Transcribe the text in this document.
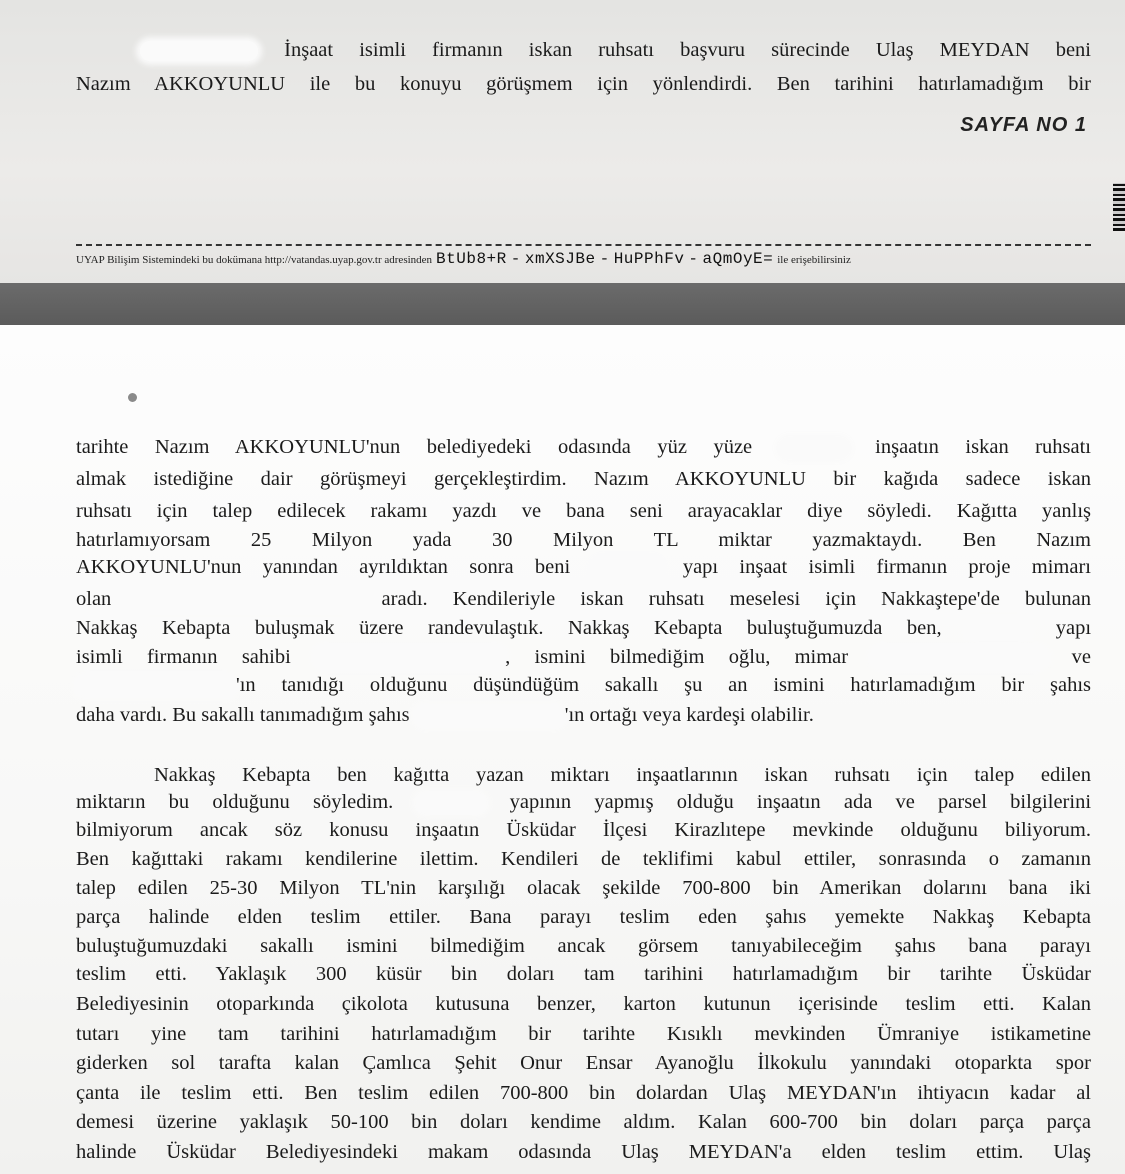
İnşaat isimli firmanın iskan ruhsatı başvuru sürecinde Ulaş MEYDAN beni
Nazım AKKOYUNLU ile bu konuyu görüşmem için yönlendirdi. Ben tarihini hatırlamadığım bir
SAYFA NO 1
UYAP Bilişim Sistemindeki bu dokümana http://vatandas.uyap.gov.tr adresinden BtUb8+R - xmXSJBe - HuPPhFv - aQmOyE= ile erişebilirsiniz
tarihte Nazım AKKOYUNLU'nun belediyedeki odasında yüz yüze	inşaatın iskan ruhsatı
almak istediğine dair görüşmeyi gerçekleştirdim. Nazım AKKOYUNLU bir kağıda sadece iskan
ruhsatı için talep edilecek rakamı yazdı ve bana seni arayacaklar diye söyledi. Kağıtta yanlış
hatırlamıyorsam 25 Milyon yada 30 Milyon TL miktar yazmaktaydı. Ben Nazım
AKKOYUNLU'nun yanından ayrıldıktan sonra beni	yapı inşaat isimli firmanın proje mimarı
olan	aradı. Kendileriyle iskan ruhsatı meselesi için Nakkaştepe'de bulunan
Nakkaş Kebapta buluşmak üzere randevulaştık. Nakkaş Kebapta buluştuğumuzda ben,	yapı
isimli firmanın sahibi	, ismini bilmediğim oğlu, mimar	ve
'ın tanıdığı olduğunu düşündüğüm sakallı şu an ismini hatırlamadığım bir şahıs
daha vardı. Bu sakallı tanımadığım şahıs	'ın ortağı veya kardeşi olabilir.
Nakkaş Kebapta ben kağıtta yazan miktarı inşaatlarının iskan ruhsatı için talep edilen
miktarın bu olduğunu söyledim.	yapının yapmış olduğu inşaatın ada ve parsel bilgilerini
bilmiyorum ancak söz konusu inşaatın Üsküdar İlçesi Kirazlıtepe mevkinde olduğunu biliyorum.
Ben kağıttaki rakamı kendilerine ilettim. Kendileri de teklifimi kabul ettiler, sonrasında o zamanın
talep edilen 25-30 Milyon TL'nin karşılığı olacak şekilde 700-800 bin Amerikan dolarını bana iki
parça halinde elden teslim ettiler. Bana parayı teslim eden şahıs yemekte Nakkaş Kebapta
buluştuğumuzdaki sakallı ismini bilmediğim ancak görsem tanıyabileceğim şahıs bana parayı
teslim etti. Yaklaşık 300 küsür bin doları tam tarihini hatırlamadığım bir tarihte Üsküdar
Belediyesinin otoparkında çikolota kutusuna benzer, karton kutunun içerisinde teslim etti. Kalan
tutarı yine tam tarihini hatırlamadığım bir tarihte Kısıklı mevkinden Ümraniye istikametine
giderken sol tarafta kalan Çamlıca Şehit Onur Ensar Ayanoğlu İlkokulu yanındaki otoparkta spor
çanta ile teslim etti. Ben teslim edilen 700-800 bin dolardan Ulaş MEYDAN'ın ihtiyacın kadar al
demesi üzerine yaklaşık 50-100 bin doları kendime aldım. Kalan 600-700 bin doları parça parça
halinde Üsküdar Belediyesindeki makam odasında Ulaş MEYDAN'a elden teslim ettim. Ulaş
